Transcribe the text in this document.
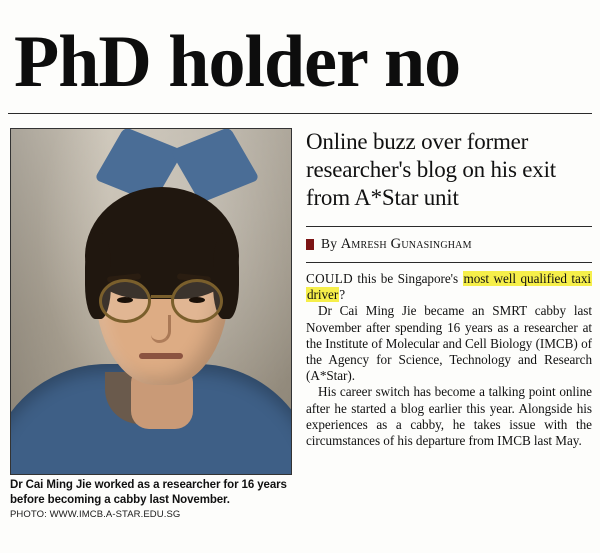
PhD holder no
Dr Cai Ming Jie worked as a researcher for 16 years before becoming a cabby last November.
PHOTO: WWW.IMCB.A-STAR.EDU.SG
Online buzz over former researcher's blog on his exit from A*Star unit
By Amresh Gunasingham

COULD this be Singapore's most well qualified taxi driver?

Dr Cai Ming Jie became an SMRT cabby last November after spending 16 years as a researcher at the Institute of Molecular and Cell Biology (IMCB) of the Agency for Science, Technology and Research (A*Star).

His career switch has become a talking point online after he started a blog earlier this year. Alongside his experiences as a cabby, he takes issue with the circumstances of his departure from IMCB last May.
